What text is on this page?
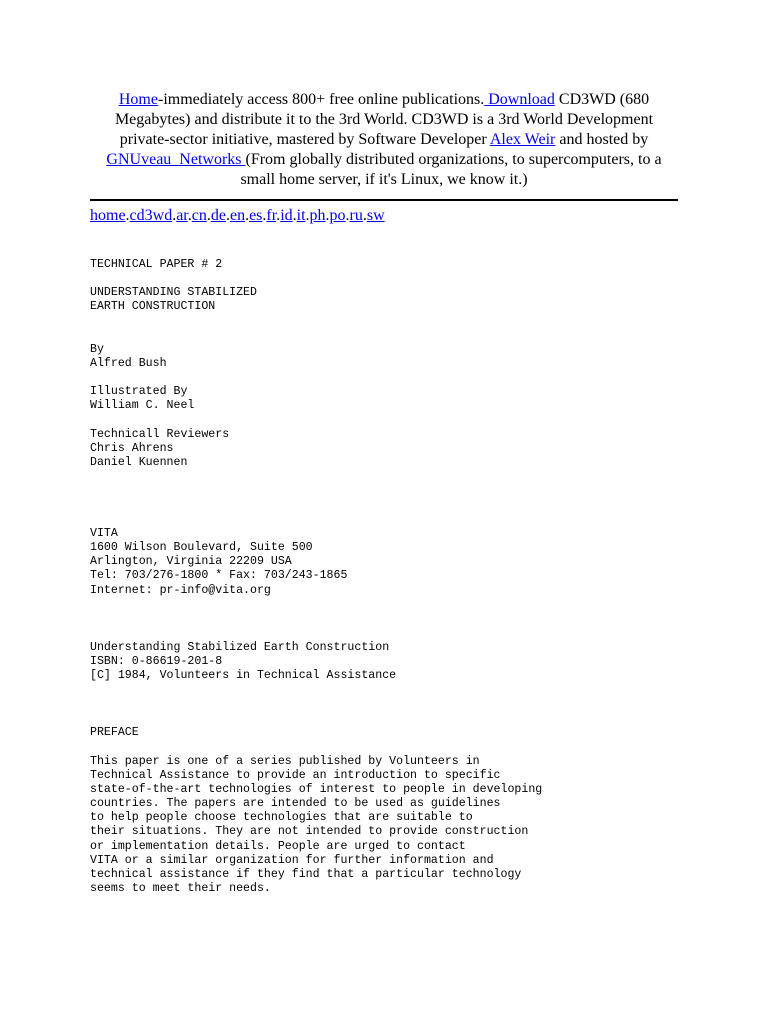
Home-immediately access 800+ free online publications. Download CD3WD (680 Megabytes) and distribute it to the 3rd World. CD3WD is a 3rd World Development private-sector initiative, mastered by Software Developer Alex Weir and hosted by GNUveau_Networks (From globally distributed organizations, to supercomputers, to a small home server, if it's Linux, we know it.)
home.cd3wd.ar.cn.de.en.es.fr.id.it.ph.po.ru.sw
TECHNICAL PAPER # 2
UNDERSTANDING STABILIZED
EARTH CONSTRUCTION
By
Alfred Bush
Illustrated By
William C. Neel
Technicall Reviewers
Chris Ahrens
Daniel Kuennen
VITA
1600 Wilson Boulevard, Suite 500
Arlington, Virginia 22209 USA
Tel: 703/276-1800 * Fax: 703/243-1865
Internet: pr-info@vita.org
Understanding Stabilized Earth Construction
ISBN: 0-86619-201-8
[C] 1984, Volunteers in Technical Assistance
PREFACE
This paper is one of a series published by Volunteers in
Technical Assistance to provide an introduction to specific
state-of-the-art technologies of interest to people in developing
countries. The papers are intended to be used as guidelines
to help people choose technologies that are suitable to
their situations. They are not intended to provide construction
or implementation details. People are urged to contact
VITA or a similar organization for further information and
technical assistance if they find that a particular technology
seems to meet their needs.
